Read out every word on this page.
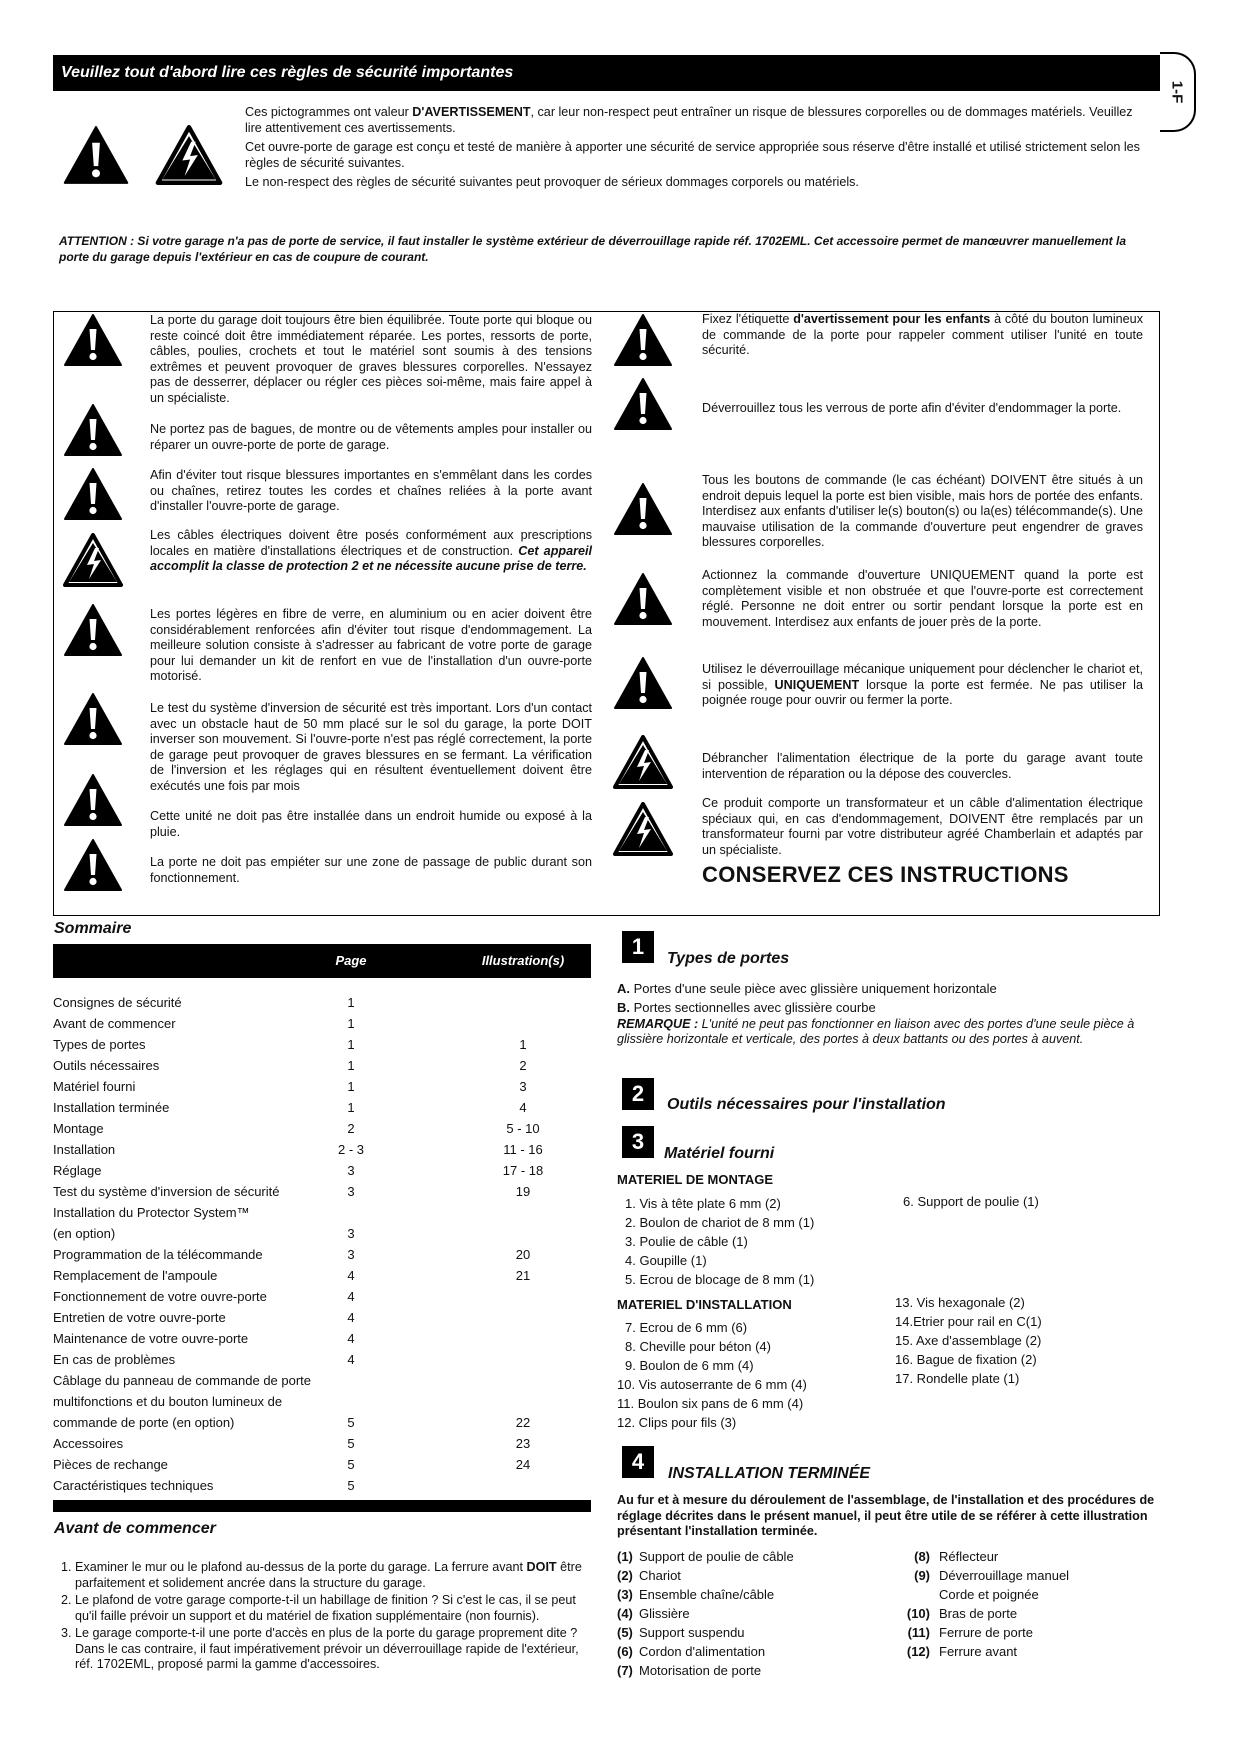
Veuillez tout d'abord lire ces règles de sécurité importantes
1-F

Ces pictogrammes ont valeur D'AVERTISSEMENT, car leur non-respect peut entraîner un risque de blessures corporelles ou de dommages matériels. Veuillez lire attentivement ces avertissements.

Cet ouvre-porte de garage est conçu et testé de manière à apporter une sécurité de service appropriée sous réserve d'être installé et utilisé strictement selon les règles de sécurité suivantes.

Le non-respect des règles de sécurité suivantes peut provoquer de sérieux dommages corporels ou matériels.

ATTENTION : Si votre garage n'a pas de porte de service, il faut installer le système extérieur de déverrouillage rapide réf. 1702EML. Cet accessoire permet de manœuvrer manuellement la porte du garage depuis l'extérieur en cas de coupure de courant.

La porte du garage doit toujours être bien équilibrée. Toute porte qui bloque ou reste coincé doit être immédiatement réparée. Les portes, ressorts de porte, câbles, poulies, crochets et tout le matériel sont soumis à des tensions extrêmes et peuvent provoquer de graves blessures corporelles. N'essayez pas de desserrer, déplacer ou régler ces pièces soi-même, mais faire appel à un spécialiste.

Ne portez pas de bagues, de montre ou de vêtements amples pour installer ou réparer un ouvre-porte de porte de garage.

Afin d'éviter tout risque blessures importantes en s'emmêlant dans les cordes ou chaînes, retirez toutes les cordes et chaînes reliées à la porte avant d'installer l'ouvre-porte de garage.

Les câbles électriques doivent être posés conformément aux prescriptions locales en matière d'installations électriques et de construction. Cet appareil accomplit la classe de protection 2 et ne nécessite aucune prise de terre.

Les portes légères en fibre de verre, en aluminium ou en acier doivent être considérablement renforcées afin d'éviter tout risque d'endommagement. La meilleure solution consiste à s'adresser au fabricant de votre porte de garage pour lui demander un kit de renfort en vue de l'installation d'un ouvre-porte motorisé.

Le test du système d'inversion de sécurité est très important. Lors d'un contact avec un obstacle haut de 50 mm placé sur le sol du garage, la porte DOIT inverser son mouvement. Si l'ouvre-porte n'est pas réglé correctement, la porte de garage peut provoquer de graves blessures en se fermant. La vérification de l'inversion et les réglages qui en résultent éventuellement doivent être exécutés une fois par mois

Cette unité ne doit pas être installée dans un endroit humide ou exposé à la pluie.

La porte ne doit pas empiéter sur une zone de passage de public durant son fonctionnement.

Fixez l'étiquette d'avertissement pour les enfants à côté du bouton lumineux de commande de la porte pour rappeler comment utiliser l'unité en toute sécurité.

Déverrouillez tous les verrous de porte afin d'éviter d'endommager la porte.

Tous les boutons de commande (le cas échéant) DOIVENT être situés à un endroit depuis lequel la porte est bien visible, mais hors de portée des enfants. Interdisez aux enfants d'utiliser le(s) bouton(s) ou la(es) télécommande(s). Une mauvaise utilisation de la commande d'ouverture peut engendrer de graves blessures corporelles.

Actionnez la commande d'ouverture UNIQUEMENT quand la porte est complètement visible et non obstruée et que l'ouvre-porte est correctement réglé. Personne ne doit entrer ou sortir pendant lorsque la porte est en mouvement. Interdisez aux enfants de jouer près de la porte.

Utilisez le déverrouillage mécanique uniquement pour déclencher le chariot et, si possible, UNIQUEMENT lorsque la porte est fermée. Ne pas utiliser la poignée rouge pour ouvrir ou fermer la porte.

Débrancher l'alimentation électrique de la porte du garage avant toute intervention de réparation ou la dépose des couvercles.

Ce produit comporte un transformateur et un câble d'alimentation électrique spéciaux qui, en cas d'endommagement, DOIVENT être remplacés par un transformateur fourni par votre distributeur agréé Chamberlain et adaptés par un spécialiste.

CONSERVEZ CES INSTRUCTIONS
Sommaire
Page	Illustration(s)
Consignes de sécurité	1
Avant de commencer	1
Types de portes	1	1
Outils nécessaires	1	2
Matériel fourni	1	3
Installation terminée	1	4
Montage	2	5 - 10
Installation	2 - 3	11 - 16
Réglage	3	17 - 18
Test du système d'inversion de sécurité	3	19
Installation du Protector System™
(en option)	3
Programmation de la télécommande	3	20
Remplacement de l'ampoule	4	21
Fonctionnement de votre ouvre-porte	4
Entretien de votre ouvre-porte	4
Maintenance de votre ouvre-porte	4
En cas de problèmes	4
Câblage du panneau de commande de porte
multifonctions et du bouton lumineux de
commande de porte (en option)	5	22
Accessoires	5	23
Pièces de rechange	5	24
Caractéristiques techniques	5
Avant de commencer
1. Examiner le mur ou le plafond au-dessus de la porte du garage. La ferrure avant DOIT être parfaitement et solidement ancrée dans la structure du garage.
2. Le plafond de votre garage comporte-t-il un habillage de finition ? Si c'est le cas, il se peut qu'il faille prévoir un support et du matériel de fixation supplémentaire (non fournis).
3. Le garage comporte-t-il une porte d'accès en plus de la porte du garage proprement dite ? Dans le cas contraire, il faut impérativement prévoir un déverrouillage rapide de l'extérieur, réf. 1702EML, proposé parmi la gamme d'accessoires.
1	Types de portes
A. Portes d'une seule pièce avec glissière uniquement horizontale
B. Portes sectionnelles avec glissière courbe
REMARQUE : L'unité ne peut pas fonctionner en liaison avec des portes d'une seule pièce à glissière horizontale et verticale, des portes à deux battants ou des portes à auvent.
2	Outils nécessaires pour l'installation
3	Matériel fourni
MATERIEL DE MONTAGE
1. Vis à tête plate 6 mm (2)
2. Boulon de chariot de 8 mm (1)
3. Poulie de câble (1)
4. Goupille (1)
5. Ecrou de blocage de 8 mm (1)
6. Support de poulie (1)
MATERIEL D'INSTALLATION
7. Ecrou de 6 mm (6)
8. Cheville pour béton (4)
9. Boulon de 6 mm (4)
10. Vis autoserrante de 6 mm (4)
11. Boulon six pans de 6 mm (4)
12. Clips pour fils (3)
13. Vis hexagonale (2)
14.Etrier pour rail en C(1)
15. Axe d'assemblage (2)
16. Bague de fixation (2)
17. Rondelle plate (1)
4	INSTALLATION TERMINÉE
Au fur et à mesure du déroulement de l'assemblage, de l'installation et des procédures de réglage décrites dans le présent manuel, il peut être utile de se référer à cette illustration présentant l'installation terminée.
(1) Support de poulie de câble
(2) Chariot
(3) Ensemble chaîne/câble
(4) Glissière
(5) Support suspendu
(6) Cordon d'alimentation
(7) Motorisation de porte
(8) Réflecteur
(9) Déverrouillage manuel
Corde et poignée
(10) Bras de porte
(11) Ferrure de porte
(12) Ferrure avant
